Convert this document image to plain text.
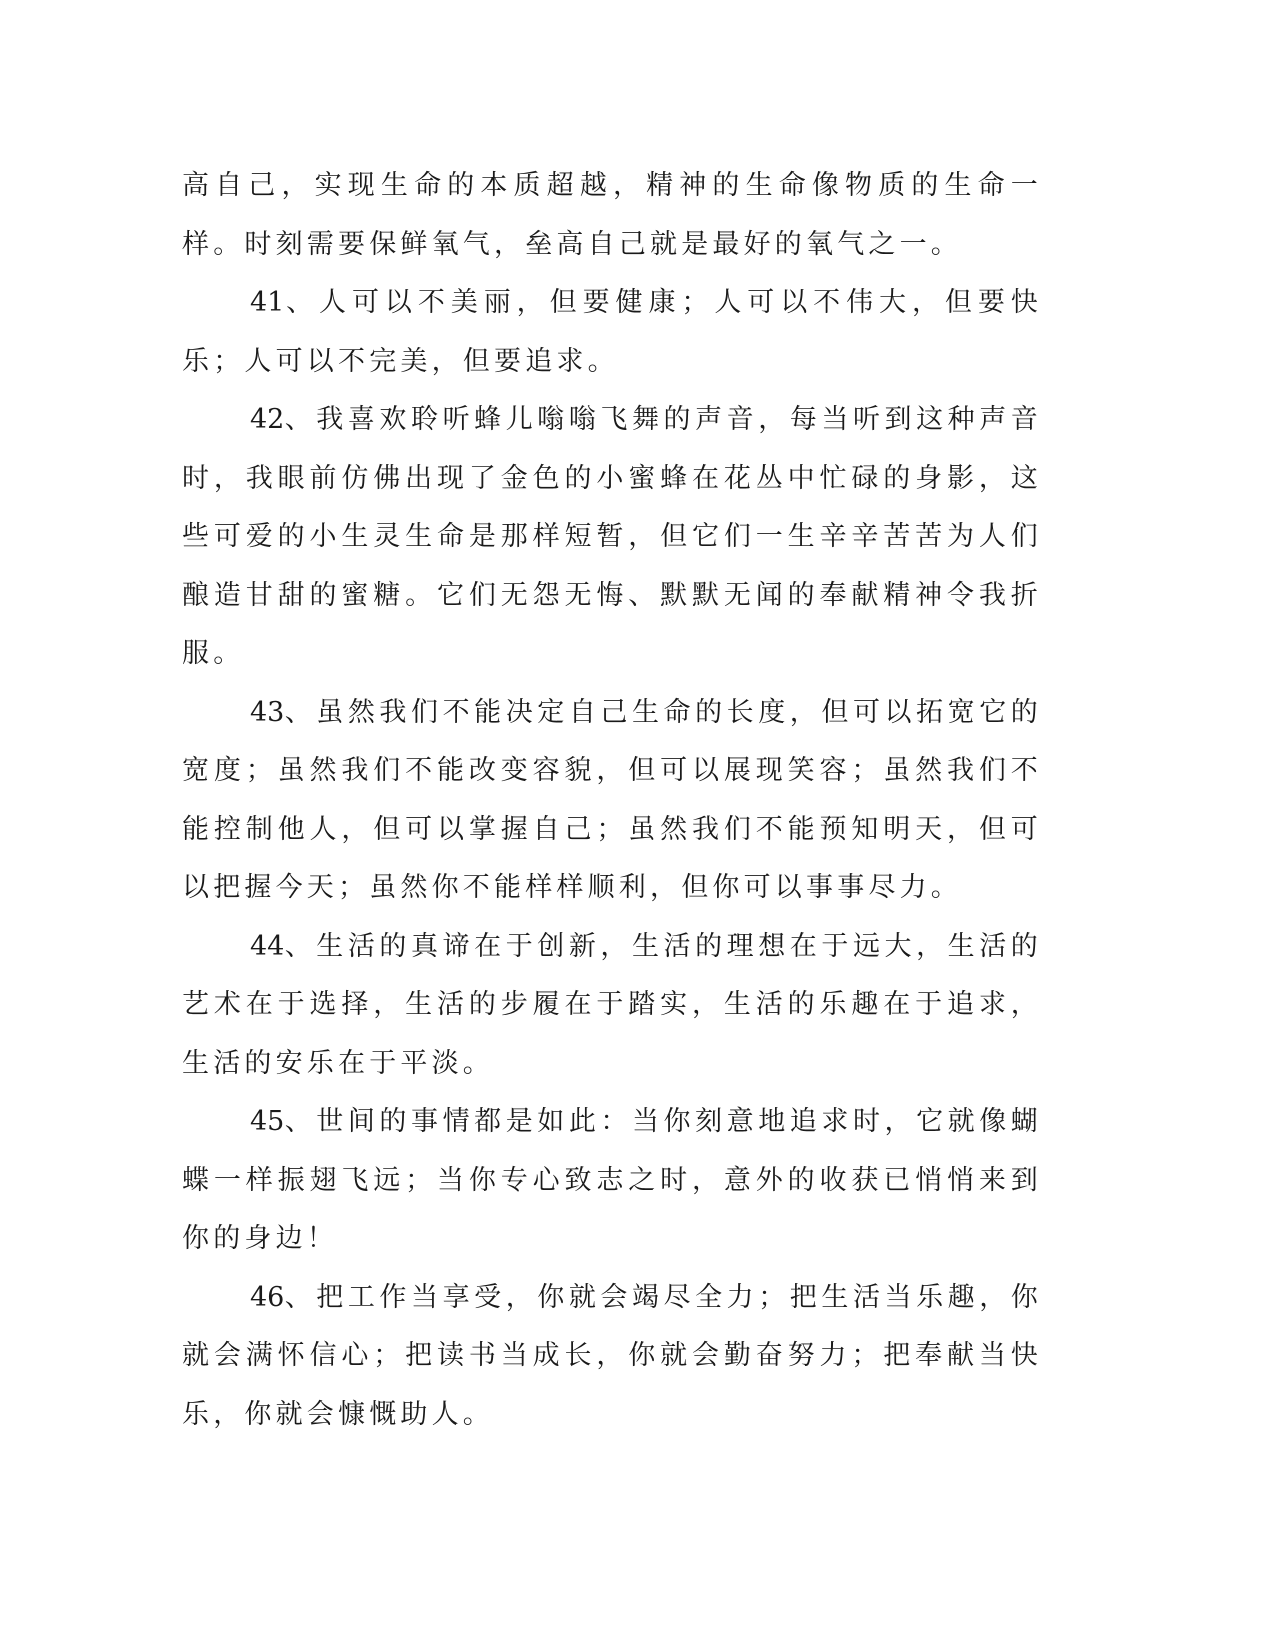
高自己，实现生命的本质超越，精神的生命像物质的生命一样。时刻需要保鲜氧气，垒高自己就是最好的氧气之一。

41、人可以不美丽，但要健康；人可以不伟大，但要快乐；人可以不完美，但要追求。

42、我喜欢聆听蜂儿嗡嗡飞舞的声音，每当听到这种声音时，我眼前仿佛出现了金色的小蜜蜂在花丛中忙碌的身影，这些可爱的小生灵生命是那样短暂，但它们一生辛辛苦苦为人们酿造甘甜的蜜糖。它们无怨无悔、默默无闻的奉献精神令我折服。

43、虽然我们不能决定自己生命的长度，但可以拓宽它的宽度；虽然我们不能改变容貌，但可以展现笑容；虽然我们不能控制他人，但可以掌握自己；虽然我们不能预知明天，但可以把握今天；虽然你不能样样顺利，但你可以事事尽力。

44、生活的真谛在于创新，生活的理想在于远大，生活的艺术在于选择，生活的步履在于踏实，生活的乐趣在于追求，生活的安乐在于平淡。

45、世间的事情都是如此：当你刻意地追求时，它就像蝴蝶一样振翅飞远；当你专心致志之时，意外的收获已悄悄来到你的身边！

46、把工作当享受，你就会竭尽全力；把生活当乐趣，你就会满怀信心；把读书当成长，你就会勤奋努力；把奉献当快乐，你就会慷慨助人。
